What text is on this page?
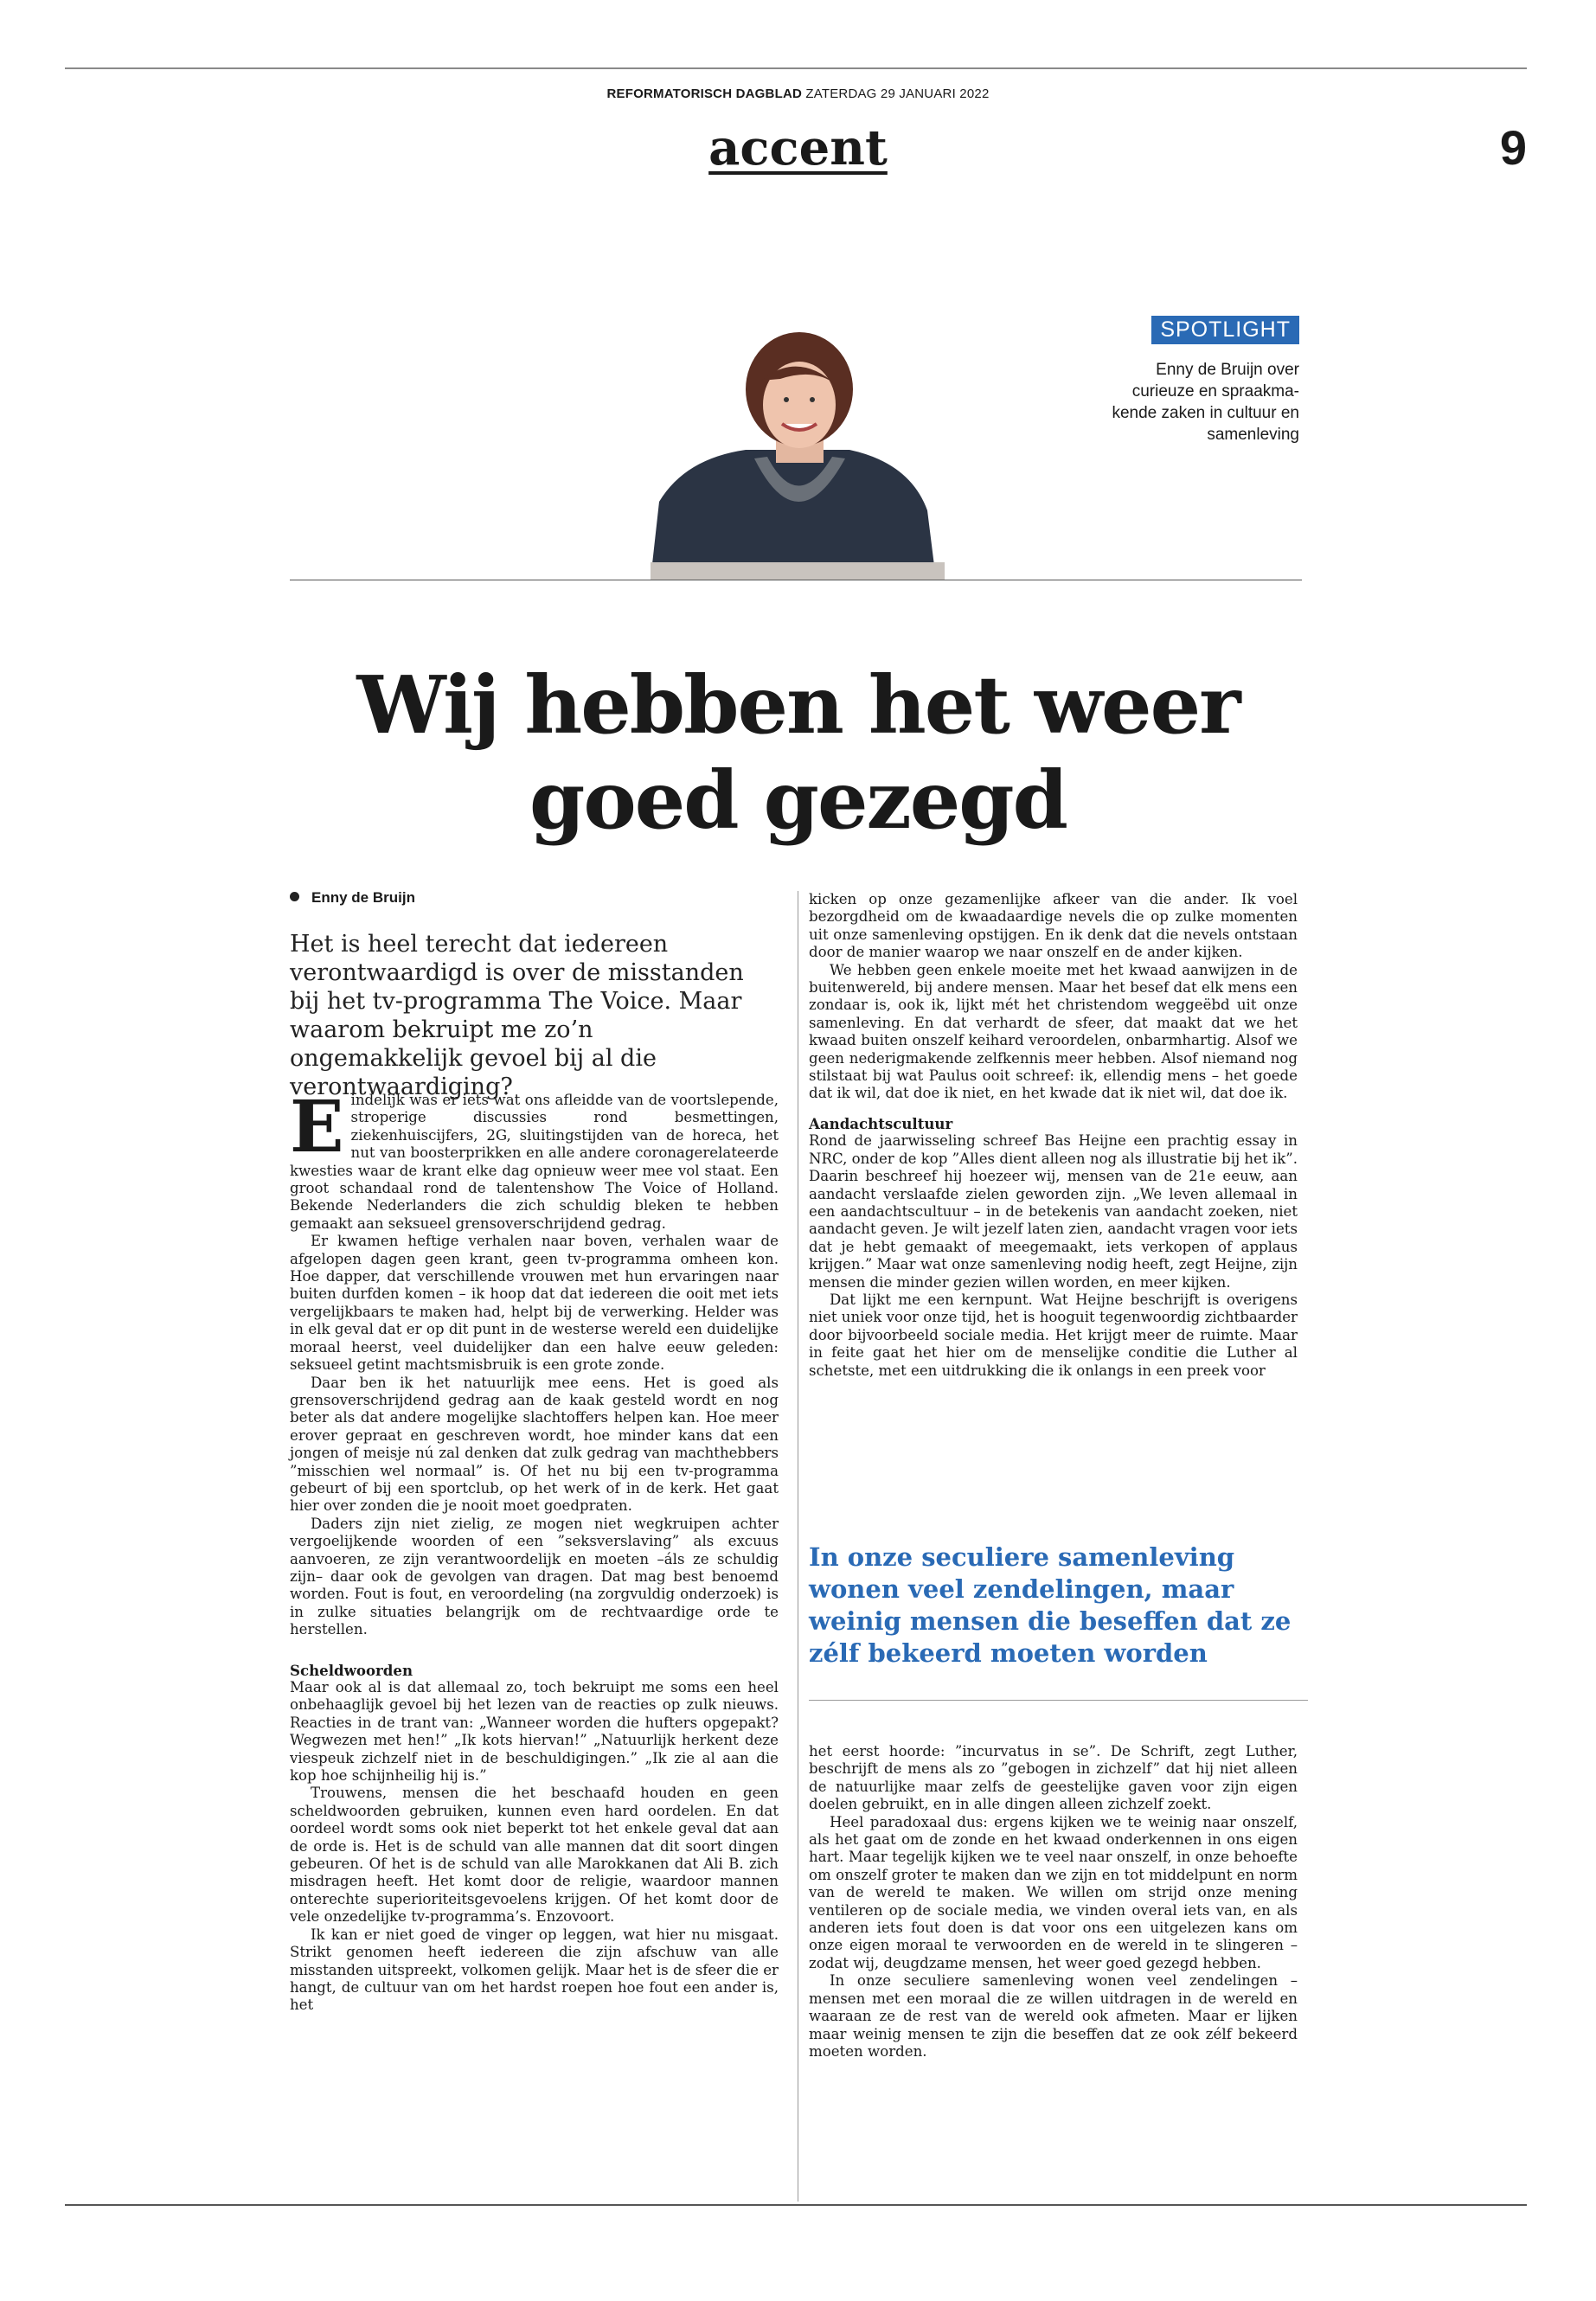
REFORMATORISCH DAGBLAD ZATERDAG 29 JANUARI 2022
accent	9
SPOTLIGHT
Enny de Bruijn over curieuze en spraakma-kende zaken in cultuur en samenleving
Wij hebben het weer
goed gezegd
Enny de Bruijn
Het is heel terecht dat iedereen verontwaardigd is over de misstanden bij het tv-programma The Voice. Maar waarom bekruipt me zo’n ongemakkelijk gevoel bij al die verontwaardiging?

Eindelijk was er iets wat ons afleidde van de voortslepende, stroperige discussies rond besmettingen, ziekenhuiscijfers, 2G, sluitingstijden van de horeca, het nut van boosterprikken en alle andere coronagerelateerde kwesties waar de krant elke dag opnieuw weer mee vol staat. Een groot schandaal rond de talentenshow The Voice of Holland. Bekende Nederlanders die zich schuldig bleken te hebben gemaakt aan seksueel grensoverschrijdend gedrag.

Er kwamen heftige verhalen naar boven, verhalen waar de afgelopen dagen geen krant, geen tv-programma omheen kon. Hoe dapper, dat verschillende vrouwen met hun ervaringen naar buiten durfden komen – ik hoop dat dat iedereen die ooit met iets vergelijkbaars te maken had, helpt bij de verwerking. Helder was in elk geval dat er op dit punt in de westerse wereld een duidelijke moraal heerst, veel duidelijker dan een halve eeuw geleden: seksueel getint machtsmisbruik is een grote zonde.

Daar ben ik het natuurlijk mee eens. Het is goed als grensoverschrijdend gedrag aan de kaak gesteld wordt en nog beter als dat andere mogelijke slachtoffers helpen kan. Hoe meer erover gepraat en geschreven wordt, hoe minder kans dat een jongen of meisje nú zal denken dat zulk gedrag van machthebbers ”misschien wel normaal” is. Of het nu bij een tv-programma gebeurt of bij een sportclub, op het werk of in de kerk. Het gaat hier over zonden die je nooit moet goedpraten.

Daders zijn niet zielig, ze mogen niet wegkruipen achter vergoelijkende woorden of een ”seksverslaving” als excuus aanvoeren, ze zijn verantwoordelijk en moeten –áls ze schuldig zijn– daar ook de gevolgen van dragen. Dat mag best benoemd worden. Fout is fout, en veroordeling (na zorgvuldig onderzoek) is in zulke situaties belangrijk om de rechtvaardige orde te herstellen.

Scheldwoorden

Maar ook al is dat allemaal zo, toch bekruipt me soms een heel onbehaaglijk gevoel bij het lezen van de reacties op zulk nieuws. Reacties in de trant van: „Wanneer worden die hufters opgepakt? Wegwezen met hen!” „Ik kots hiervan!” „Natuurlijk herkent deze viespeuk zichzelf niet in de beschuldigingen.” „Ik zie al aan die kop hoe schijnheilig hij is.”

Trouwens, mensen die het beschaafd houden en geen scheldwoorden gebruiken, kunnen even hard oordelen. En dat oordeel wordt soms ook niet beperkt tot het enkele geval dat aan de orde is. Het is de schuld van alle mannen dat dit soort dingen gebeuren. Of het is de schuld van alle Marokkanen dat Ali B. zich misdragen heeft. Het komt door de religie, waardoor mannen onterechte superioriteitsgevoelens krijgen. Of het komt door de vele onzedelijke tv-programma’s. Enzovoort.

Ik kan er niet goed de vinger op leggen, wat hier nu misgaat. Strikt genomen heeft iedereen die zijn afschuw van alle misstanden uitspreekt, volkomen gelijk. Maar het is de sfeer die er hangt, de cultuur van om het hardst roepen hoe fout een ander is, het

kicken op onze gezamenlijke afkeer van die ander. Ik voel bezorgdheid om de kwaadaardige nevels die op zulke momenten uit onze samenleving opstijgen. En ik denk dat die nevels ontstaan door de manier waarop we naar onszelf en de ander kijken.

We hebben geen enkele moeite met het kwaad aanwijzen in de buitenwereld, bij andere mensen. Maar het besef dat elk mens een zondaar is, ook ik, lijkt mét het christendom weggeëbd uit onze samenleving. En dat verhardt de sfeer, dat maakt dat we het kwaad buiten onszelf keihard veroordelen, onbarmhartig. Alsof we geen nederigmakende zelfkennis meer hebben. Alsof niemand nog stilstaat bij wat Paulus ooit schreef: ik, ellendig mens – het goede dat ik wil, dat doe ik niet, en het kwade dat ik niet wil, dat doe ik.

Aandachtscultuur

Rond de jaarwisseling schreef Bas Heijne een prachtig essay in NRC, onder de kop ”Alles dient alleen nog als illustratie bij het ik”. Daarin beschreef hij hoezeer wij, mensen van de 21e eeuw, aan aandacht verslaafde zielen geworden zijn. „We leven allemaal in een aandachtscultuur – in de betekenis van aandacht zoeken, niet aandacht geven. Je wilt jezelf laten zien, aandacht vragen voor iets dat je hebt gemaakt of meegemaakt, iets verkopen of applaus krijgen.” Maar wat onze samenleving nodig heeft, zegt Heijne, zijn mensen die minder gezien willen worden, en meer kijken.

Dat lijkt me een kernpunt. Wat Heijne beschrijft is overigens niet uniek voor onze tijd, het is hooguit tegenwoordig zichtbaarder door bijvoorbeeld sociale media. Het krijgt meer de ruimte. Maar in feite gaat het hier om de menselijke conditie die Luther al schetste, met een uitdrukking die ik onlangs in een preek voor

In onze seculiere samenleving wonen veel zendelingen, maar weinig mensen die beseffen dat ze zélf bekeerd moeten worden

het eerst hoorde: ”incurvatus in se”. De Schrift, zegt Luther, beschrijft de mens als zo ”gebogen in zichzelf” dat hij niet alleen de natuurlijke maar zelfs de geestelijke gaven voor zijn eigen doelen gebruikt, en in alle dingen alleen zichzelf zoekt.

Heel paradoxaal dus: ergens kijken we te weinig naar onszelf, als het gaat om de zonde en het kwaad onderkennen in ons eigen hart. Maar tegelijk kijken we te veel naar onszelf, in onze behoefte om onszelf groter te maken dan we zijn en tot middelpunt en norm van de wereld te maken. We willen om strijd onze mening ventileren op de sociale media, we vinden overal iets van, en als anderen iets fout doen is dat voor ons een uitgelezen kans om onze eigen moraal te verwoorden en de wereld in te slingeren – zodat wij, deugdzame mensen, het weer goed gezegd hebben.

In onze seculiere samenleving wonen veel zendelingen – mensen met een moraal die ze willen uitdragen in de wereld en waaraan ze de rest van de wereld ook afmeten. Maar er lijken maar weinig mensen te zijn die beseffen dat ze ook zélf bekeerd moeten worden.
